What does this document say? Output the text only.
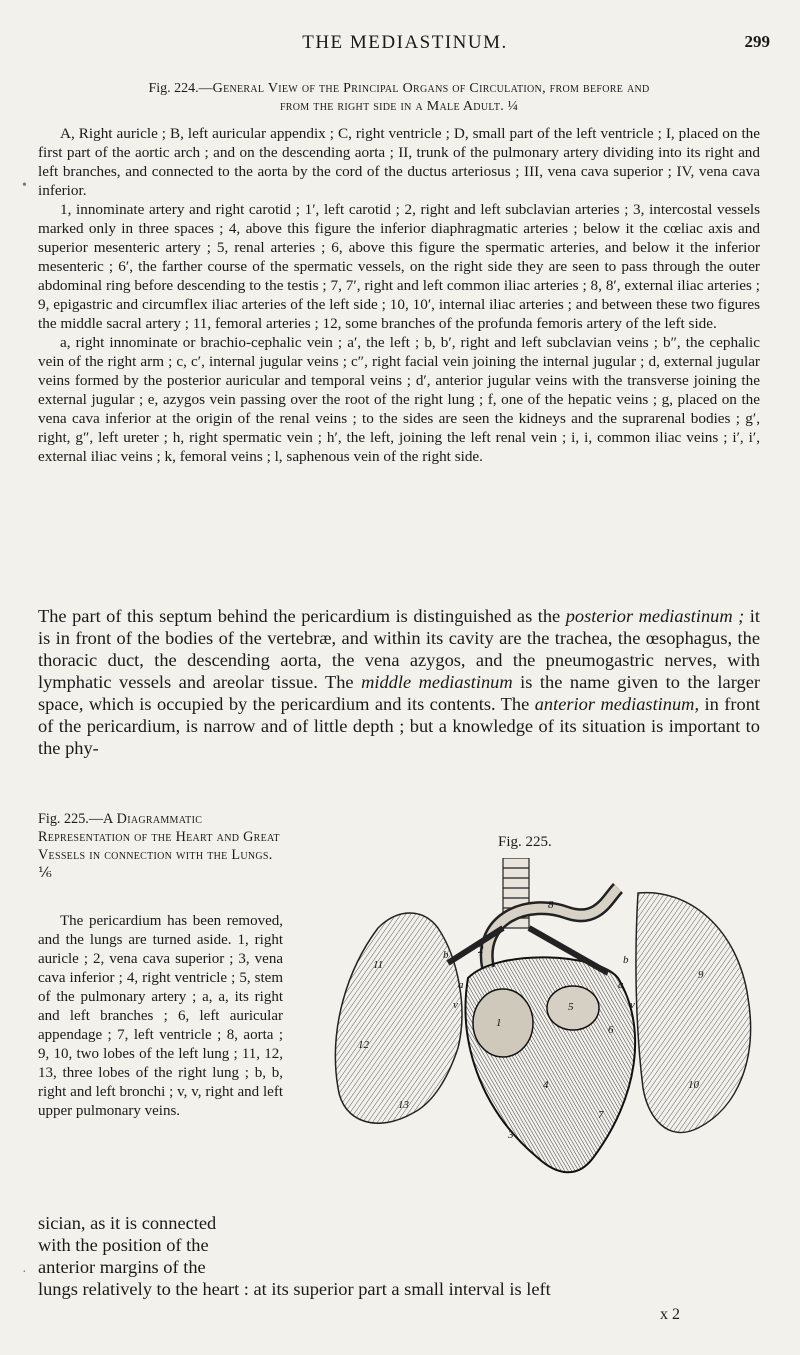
THE MEDIASTINUM.	299
Fig. 224.—General View of the Principal Organs of Circulation, from before and
from the right side in a Male Adult. ¼

A, Right auricle ; B, left auricular appendix ; C, right ventricle ; D, small part of the left ventricle ; I, placed on the first part of the aortic arch ; and on the descending aorta ; II, trunk of the pulmonary artery dividing into its right and left branches, and connected to the aorta by the cord of the ductus arteriosus ; III, vena cava superior ; IV, vena cava inferior.

1, innominate artery and right carotid ; 1′, left carotid ; 2, right and left subclavian arteries ; 3, intercostal vessels marked only in three spaces ; 4, above this figure the inferior diaphragmatic arteries ; below it the cœliac axis and superior mesenteric artery ; 5, renal arteries ; 6, above this figure the spermatic arteries, and below it the inferior mesenteric ; 6′, the farther course of the spermatic vessels, on the right side they are seen to pass through the outer abdominal ring before descending to the testis ; 7, 7′, right and left common iliac arteries ; 8, 8′, external iliac arteries ; 9, epigastric and circumflex iliac arteries of the left side ; 10, 10′, internal iliac arteries ; and between these two figures the middle sacral artery ; 11, femoral arteries ; 12, some branches of the profunda femoris artery of the left side.

a, right innominate or brachio-cephalic vein ; a′, the left ; b, b′, right and left subclavian veins ; b″, the cephalic vein of the right arm ; c, c′, internal jugular veins ; c″, right facial vein joining the internal jugular ; d, external jugular veins formed by the posterior auricular and temporal veins ; d′, anterior jugular veins with the transverse joining the external jugular ; e, azygos vein passing over the root of the right lung ; f, one of the hepatic veins ; g, placed on the vena cava inferior at the origin of the renal veins ; to the sides are seen the kidneys and the suprarenal bodies ; g′, right, g″, left ureter ; h, right spermatic vein ; h′, the left, joining the left renal vein ; i, i, common iliac veins ; i′, i′, external iliac veins ; k, femoral veins ; l, saphenous vein of the right side.

The part of this septum behind the pericardium is distinguished as the posterior mediastinum ; it is in front of the bodies of the vertebræ, and within its cavity are the trachea, the œsophagus, the thoracic duct, the descending aorta, the vena azygos, and the pneumogastric nerves, with lymphatic vessels and areolar tissue. The middle mediastinum is the name given to the larger space, which is occupied by the pericardium and its contents. The anterior mediastinum, in front of the pericardium, is narrow and of little depth ; but a knowledge of its situation is important to the phy-

Fig. 225.—A Diagrammatic Representation of the Heart and Great Vessels in connection with the Lungs. ⅙

The pericardium has been removed, and the lungs are turned aside. 1, right auricle ; 2, vena cava superior ; 3, vena cava inferior ; 4, right ventricle ; 5, stem of the pulmonary artery ; a, a, its right and left branches ; 6, left auricular appendage ; 7, left ventricle ; 8, aorta ; 9, 10, two lobes of the left lung ; 11, 12, 13, three lobes of the right lung ; b, b, right and left bronchi ; v, v, right and left upper pulmonary veins.

Fig. 225.
11
12
13
9
10
1
2
3
4
5
6
7
8
a	a
b	b
v	v

sician, as it is connected
with the position of the
anterior margins of the
lungs relatively to the heart : at its superior part a small interval is left

x 2
•
·
